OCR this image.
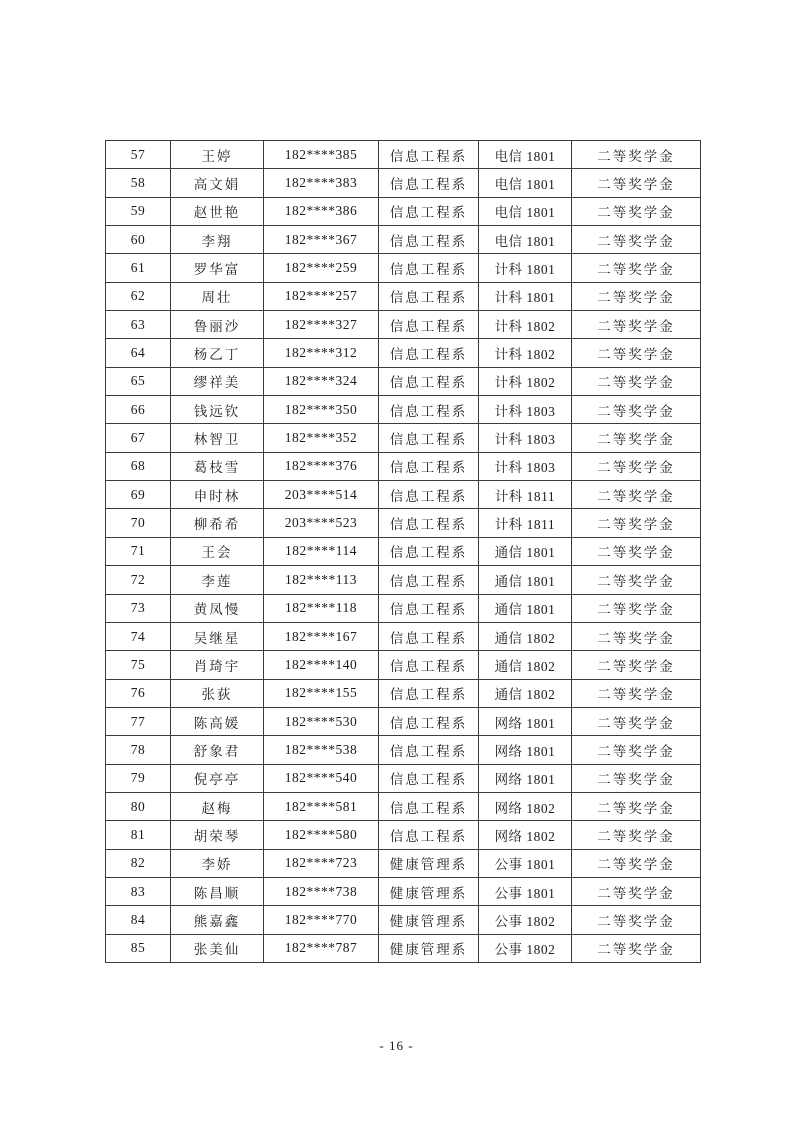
57	王婷	182****385	信息工程系	电信 1801	二等奖学金
58	高文娟	182****383	信息工程系	电信 1801	二等奖学金
59	赵世艳	182****386	信息工程系	电信 1801	二等奖学金
60	李翔	182****367	信息工程系	电信 1801	二等奖学金
61	罗华富	182****259	信息工程系	计科 1801	二等奖学金
62	周壮	182****257	信息工程系	计科 1801	二等奖学金
63	鲁丽沙	182****327	信息工程系	计科 1802	二等奖学金
64	杨乙丁	182****312	信息工程系	计科 1802	二等奖学金
65	缪祥美	182****324	信息工程系	计科 1802	二等奖学金
66	钱远钦	182****350	信息工程系	计科 1803	二等奖学金
67	林智卫	182****352	信息工程系	计科 1803	二等奖学金
68	葛枝雪	182****376	信息工程系	计科 1803	二等奖学金
69	申时林	203****514	信息工程系	计科 1811	二等奖学金
70	柳希希	203****523	信息工程系	计科 1811	二等奖学金
71	王会	182****114	信息工程系	通信 1801	二等奖学金
72	李莲	182****113	信息工程系	通信 1801	二等奖学金
73	黄凤慢	182****118	信息工程系	通信 1801	二等奖学金
74	吴继星	182****167	信息工程系	通信 1802	二等奖学金
75	肖琦宇	182****140	信息工程系	通信 1802	二等奖学金
76	张荻	182****155	信息工程系	通信 1802	二等奖学金
77	陈高媛	182****530	信息工程系	网络 1801	二等奖学金
78	舒象君	182****538	信息工程系	网络 1801	二等奖学金
79	倪亭亭	182****540	信息工程系	网络 1801	二等奖学金
80	赵梅	182****581	信息工程系	网络 1802	二等奖学金
81	胡荣琴	182****580	信息工程系	网络 1802	二等奖学金
82	李娇	182****723	健康管理系	公事 1801	二等奖学金
83	陈昌顺	182****738	健康管理系	公事 1801	二等奖学金
84	熊嘉鑫	182****770	健康管理系	公事 1802	二等奖学金
85	张美仙	182****787	健康管理系	公事 1802	二等奖学金
- 16 -
